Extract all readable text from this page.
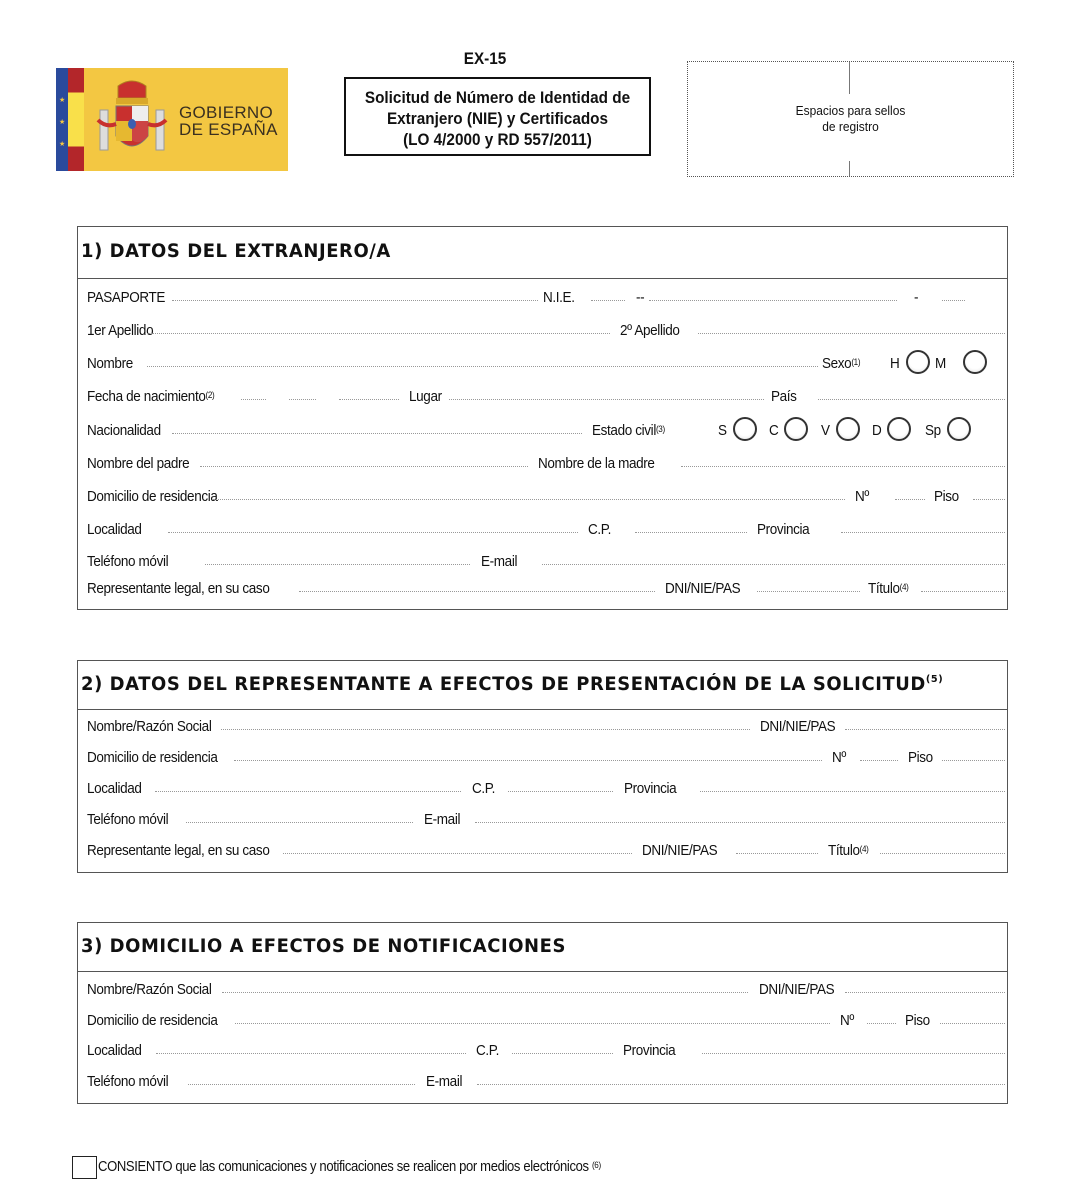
★
★
★
GOBIERNO
DE ESPAÑA
EX-15
Solicitud de Número de Identidad de
Extranjero (NIE) y Certificados
(LO 4/2000 y RD 557/2011)
Espacios para sellos
de registro
1) DATOS DEL EXTRANJERO/A
2) DATOS DEL REPRESENTANTE A EFECTOS DE PRESENTACIÓN DE LA SOLICITUD$^{(5)}$
3) DOMICILIO A EFECTOS DE NOTIFICACIONES
PASAPORTE	N.I.E.	--	-
1er Apellido	2º Apellido
Nombre	Sexo$^{(1)}$ H M
Fecha de nacimiento$^{(2)}$	Lugar	País
Nacionalidad	Estado civil$^{(3)}$	S	C	V	D	Sp
Nombre del padre	Nombre de la madre
Domicilio de residencia	Nº	Piso
Localidad	C.P.	Provincia
Teléfono móvil	E-mail
Representante legal, en su caso	DNI/NIE/PAS	Título$^{(4)}$
Nombre/Razón Social	DNI/NIE/PAS
Domicilio de residencia	Nº	Piso
Localidad	C.P.	Provincia
Teléfono móvil	E-mail
Representante legal, en su caso	DNI/NIE/PAS	Título$^{(4)}$
Nombre/Razón Social	DNI/NIE/PAS
Domicilio de residencia	Nº	Piso
Localidad	C.P.	Provincia
Teléfono móvil	E-mail
CONSIENTO que las comunicaciones y notificaciones se realicen por medios electrónicos $^{(6)}$
